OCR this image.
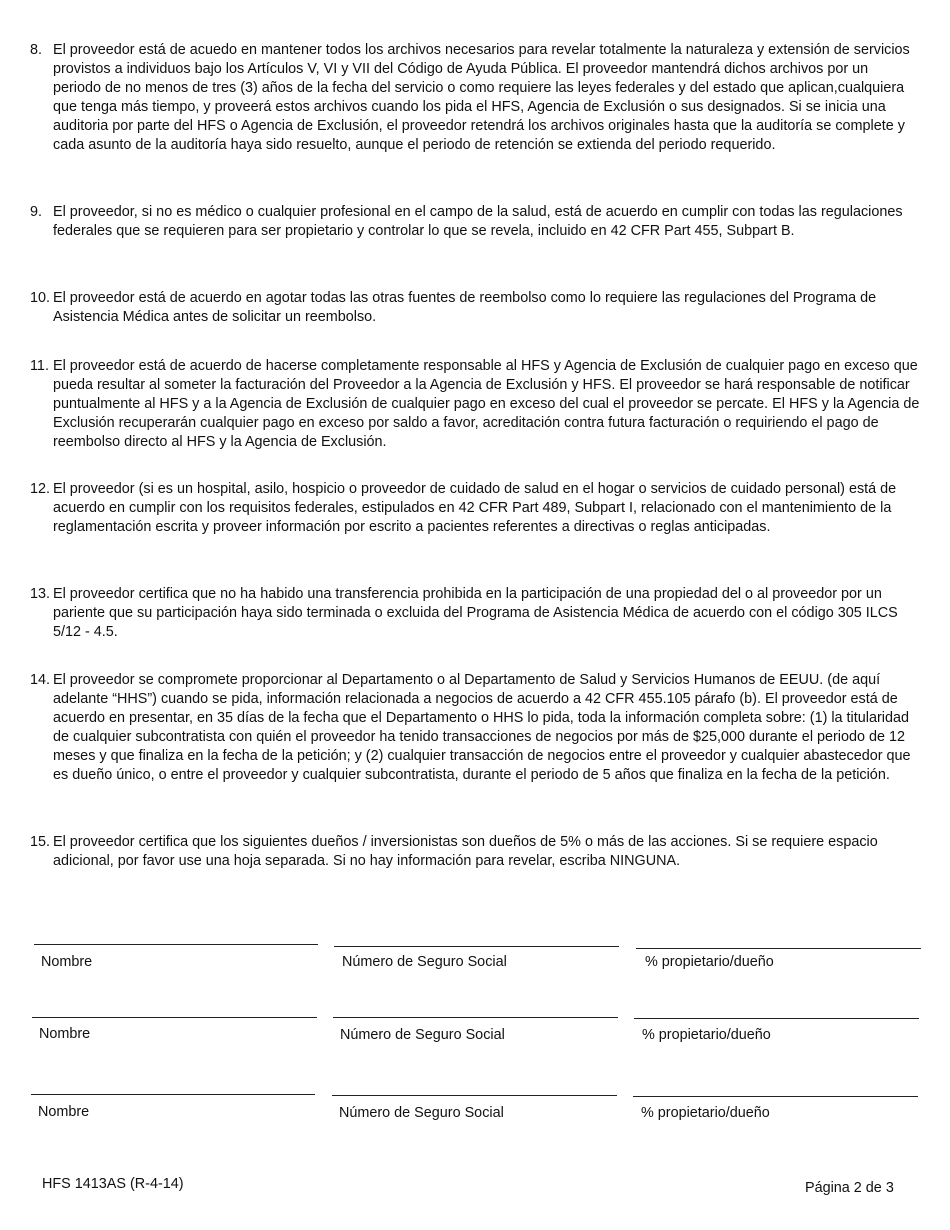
8. El proveedor está de acuedo en mantener todos los archivos necesarios para revelar totalmente la naturaleza y extensión de servicios provistos a individuos bajo los Artículos V, VI y VII del Código de Ayuda Pública. El proveedor mantendrá dichos archivos por un periodo de no menos de tres (3) años de la fecha del servicio o como requiere las leyes federales y del estado que aplican,cualquiera que tenga más tiempo, y proveerá estos archivos cuando los pida el HFS, Agencia de Exclusión o sus designados. Si se inicia una auditoria por parte del HFS o Agencia de Exclusión, el proveedor retendrá los archivos originales hasta que la auditoría se complete y cada asunto de la auditoría haya sido resuelto, aunque el periodo de retención se extienda del periodo requerido.
9. El proveedor, si no es médico o cualquier profesional en el campo de la salud, está de acuerdo en cumplir con todas las regulaciones federales que se requieren para ser propietario y controlar lo que se revela, incluido en 42 CFR Part 455, Subpart B.
10. El proveedor está de acuerdo en agotar todas las otras fuentes de reembolso como lo requiere las regulaciones del Programa de Asistencia Médica antes de solicitar un reembolso.
11. El proveedor está de acuerdo de hacerse completamente responsable al HFS y Agencia de Exclusión de cualquier pago en exceso que pueda resultar al someter la facturación del Proveedor a la Agencia de Exclusión y HFS. El proveedor se hará responsable de notificar puntualmente al HFS y a la Agencia de Exclusión de cualquier pago en exceso del cual el proveedor se percate. El HFS y la Agencia de Exclusión recuperarán cualquier pago en exceso por saldo a favor, acreditación contra futura facturación o requiriendo el pago de reembolso directo al HFS y la Agencia de Exclusión.
12. El proveedor (si es un hospital, asilo, hospicio o proveedor de cuidado de salud en el hogar o servicios de cuidado personal) está de acuerdo en cumplir con los requisitos federales, estipulados en 42 CFR Part 489, Subpart I, relacionado con el mantenimiento de la reglamentación escrita y proveer información por escrito a pacientes referentes a directivas o reglas anticipadas.
13. El proveedor certifica que no ha habido una transferencia prohibida en la participación de una propiedad del o al proveedor por un pariente que su participación haya sido terminada o excluida del Programa de Asistencia Médica de acuerdo con el código 305 ILCS 5/12 - 4.5.
14. El proveedor se compromete proporcionar al Departamento o al Departamento de Salud y Servicios Humanos de EEUU. (de aquí adelante “HHS”) cuando se pida, información relacionada a negocios de acuerdo a 42 CFR 455.105 párafo (b). El proveedor está de acuerdo en presentar, en 35 días de la fecha que el Departamento o HHS lo pida, toda la información completa sobre: (1) la titularidad de cualquier subcontratista con quién el proveedor ha tenido transacciones de negocios por más de $25,000 durante el periodo de 12 meses y que finaliza en la fecha de la petición; y (2) cualquier transacción de negocios entre el proveedor y cualquier abastecedor que es dueño único, o entre el proveedor y cualquier subcontratista, durante el periodo de 5 años que finaliza en la fecha de la petición.
15. El proveedor certifica que los siguientes dueños / inversionistas son dueños de 5% o más de las acciones. Si se requiere espacio adicional, por favor use una hoja separada. Si no hay información para revelar, escriba NINGUNA.
Nombre	Número de Seguro Social	% propietario/dueño
Nombre	Número de Seguro Social	% propietario/dueño
Nombre	Número de Seguro Social	% propietario/dueño
HFS 1413AS (R-4-14)	Página 2 de 3
